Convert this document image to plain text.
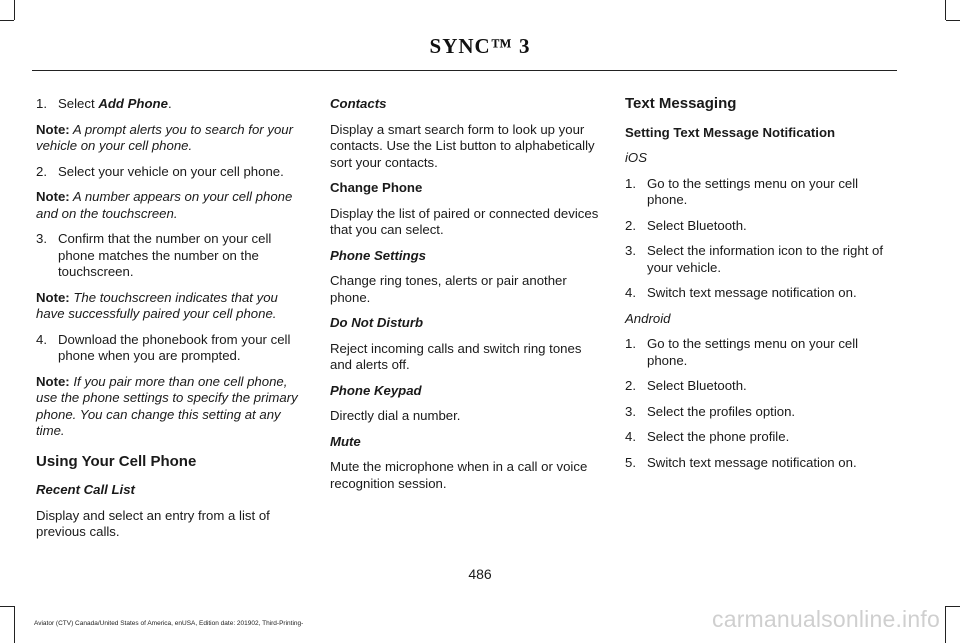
SYNC™ 3
1. Select Add Phone.
Note: A prompt alerts you to search for your vehicle on your cell phone.
2. Select your vehicle on your cell phone.
Note: A number appears on your cell phone and on the touchscreen.
3. Confirm that the number on your cell phone matches the number on the touchscreen.
Note: The touchscreen indicates that you have successfully paired your cell phone.
4. Download the phonebook from your cell phone when you are prompted.
Note: If you pair more than one cell phone, use the phone settings to specify the primary phone. You can change this setting at any time.
Using Your Cell Phone
Recent Call List
Display and select an entry from a list of previous calls.
Contacts
Display a smart search form to look up your contacts. Use the List button to alphabetically sort your contacts.
Change Phone
Display the list of paired or connected devices that you can select.
Phone Settings
Change ring tones, alerts or pair another phone.
Do Not Disturb
Reject incoming calls and switch ring tones and alerts off.
Phone Keypad
Directly dial a number.
Mute
Mute the microphone when in a call or voice recognition session.
Text Messaging
Setting Text Message Notification
iOS
1. Go to the settings menu on your cell phone.
2. Select Bluetooth.
3. Select the information icon to the right of your vehicle.
4. Switch text message notification on.
Android
1. Go to the settings menu on your cell phone.
2. Select Bluetooth.
3. Select the profiles option.
4. Select the phone profile.
5. Switch text message notification on.
486
Aviator (CTV) Canada/United States of America, enUSA, Edition date: 201902, Third-Printing-	carmanualsonline.info
